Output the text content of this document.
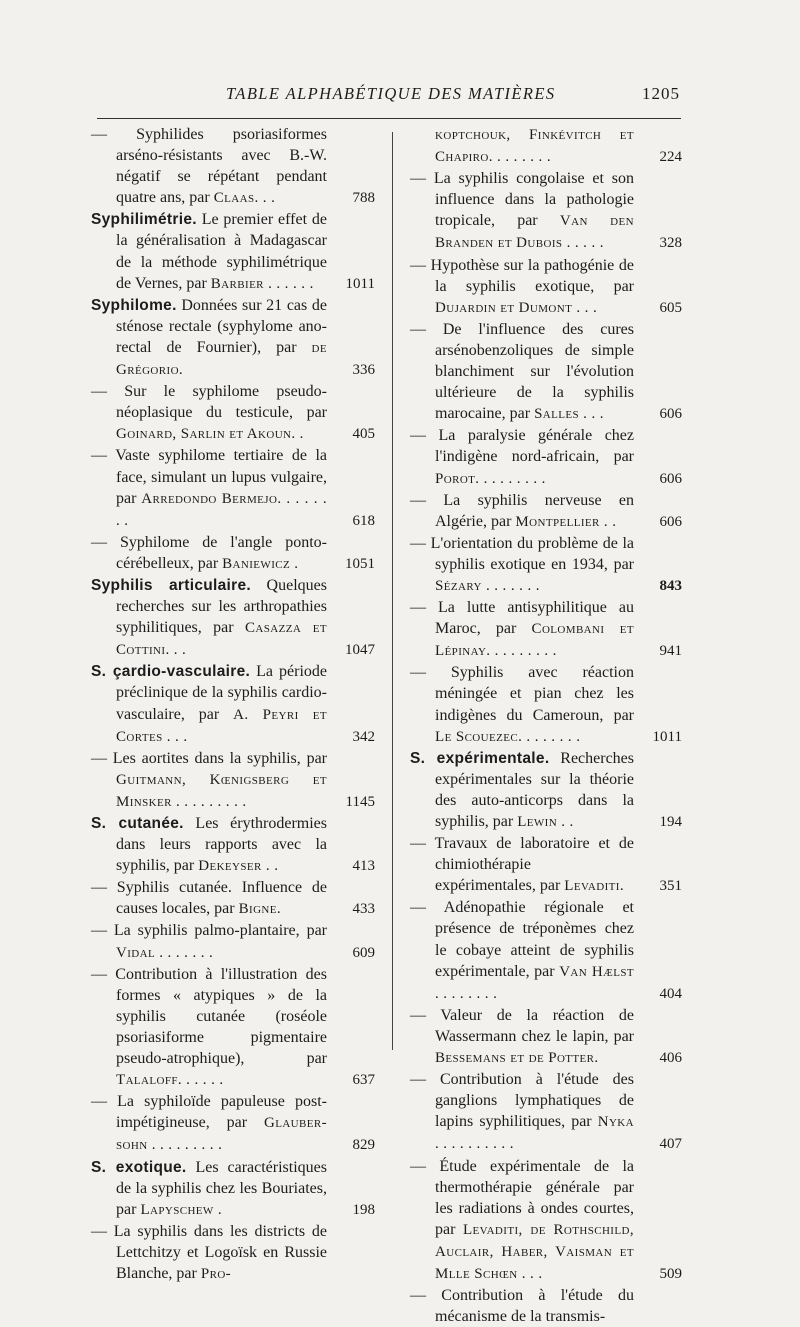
TABLE ALPHABÉTIQUE DES MATIÈRES	1205
— Syphilides psoriasiformes arséno-résistants avec B.-W. négatif se répétant pendant quatre ans, par Claas. . .	788
Syphilimétrie. Le premier effet de la généralisation à Madagascar de la méthode syphilimétrique de Vernes, par Barbier . . . . . .	1011
Syphilome. Données sur 21 cas de sténose rectale (syphylome ano-rectal de Fournier), par de Grégorio.	336
— Sur le syphilome pseudo-néoplasique du testicule, par Goinard, Sarlin et Akoun. .	405
— Vaste syphilome tertiaire de la face, simulant un lupus vulgaire, par Arredondo Bermejo. . . . . . . .	618
— Syphilome de l'angle ponto-cérébelleux, par Baniewicz .	1051
Syphilis articulaire. Quelques recherches sur les arthropathies syphilitiques, par Casazza et Cottini. . .	1047
S. çardio-vasculaire. La période préclinique de la syphilis cardio-vasculaire, par A. Peyri et Cortes . . .	342
— Les aortites dans la syphilis, par Guitmann, Kœnigsberg et Minsker . . . . . . . . .	1145
S. cutanée. Les érythrodermies dans leurs rapports avec la syphilis, par Dekeyser . .	413
— Syphilis cutanée. Influence de causes locales, par Bigne.	433
— La syphilis palmo-plantaire, par Vidal . . . . . . .	609
— Contribution à l'illustration des formes « atypiques » de la syphilis cutanée (roséole psoriasiforme pigmentaire pseudo-atrophique), par Talaloff. . . . . .	637
— La syphiloïde papuleuse post-impétigineuse, par Glauber-sohn . . . . . . . . .	829
S. exotique. Les caractéristiques de la syphilis chez les Bouriates, par Lapyschew .	198
— La syphilis dans les districts de Lettchitzy et Logoïsk en Russie Blanche, par Pro-
koptchouk, Finkévitch et Chapiro. . . . . . . .	224
— La syphilis congolaise et son influence dans la pathologie tropicale, par Van den Branden et Dubois . . . . .	328
— Hypothèse sur la pathogénie de la syphilis exotique, par Dujardin et Dumont . . .	605
— De l'influence des cures arsénobenzoliques de simple blanchiment sur l'évolution ultérieure de la syphilis marocaine, par Salles . . .	606
— La paralysie générale chez l'indigène nord-africain, par Porot. . . . . . . . .	606
— La syphilis nerveuse en Algérie, par Montpellier . .	606
— L'orientation du problème de la syphilis exotique en 1934, par Sézary . . . . . . .	843
— La lutte antisyphilitique au Maroc, par Colombani et Lépinay. . . . . . . . .	941
— Syphilis avec réaction méningée et pian chez les indigènes du Cameroun, par Le Scouezec. . . . . . . .	1011
S. expérimentale. Recherches expérimentales sur la théorie des auto-anticorps dans la syphilis, par Lewin . .	194
— Travaux de laboratoire et de chimiothérapie expérimentales, par Levaditi.	351
— Adénopathie régionale et présence de tréponèmes chez le cobaye atteint de syphilis expérimentale, par Van Hælst . . . . . . . .	404
— Valeur de la réaction de Wassermann chez le lapin, par Bessemans et de Potter.	406
— Contribution à l'étude des ganglions lymphatiques de lapins syphilitiques, par Nyka . . . . . . . . . .	407
— Étude expérimentale de la thermothérapie générale par les radiations à ondes courtes, par Levaditi, de Rothschild, Auclair, Haber, Vaisman et Mlle Schœn . . .	509
— Contribution à l'étude du mécanisme de la transmis-
